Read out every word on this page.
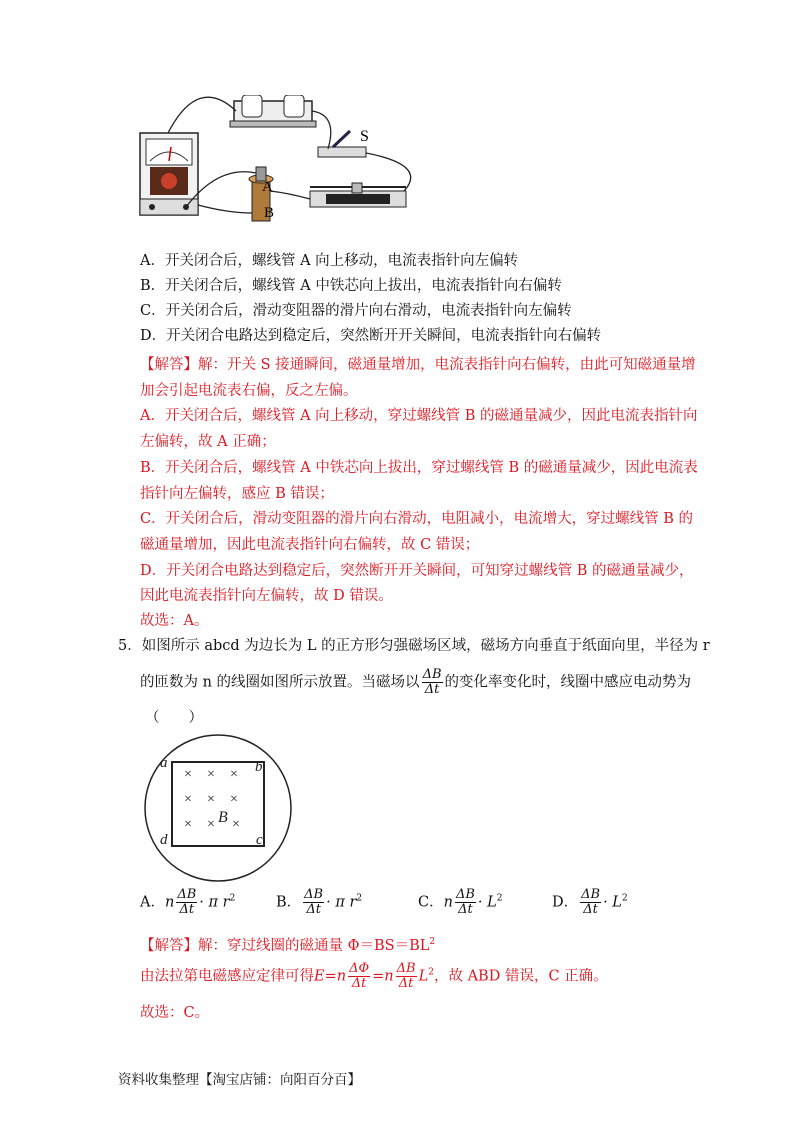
S
A
B
A．开关闭合后，螺线管 A 向上移动，电流表指针向左偏转
B．开关闭合后，螺线管 A 中铁芯向上拔出，电流表指针向右偏转
C．开关闭合后，滑动变阻器的滑片向右滑动，电流表指针向左偏转
D．开关闭合电路达到稳定后，突然断开开关瞬间，电流表指针向右偏转
【解答】解：开关 S 接通瞬间，磁通量增加，电流表指针向右偏转，由此可知磁通量增
加会引起电流表右偏，反之左偏。
A．开关闭合后，螺线管 A 向上移动，穿过螺线管 B 的磁通量减少，因此电流表指针向
左偏转，故 A 正确；
B．开关闭合后，螺线管 A 中铁芯向上拔出，穿过螺线管 B 的磁通量减少，因此电流表
指针向左偏转，感应 B 错误；
C．开关闭合后，滑动变阻器的滑片向右滑动，电阻减小，电流增大，穿过螺线管 B 的
磁通量增加，因此电流表指针向右偏转，故 C 错误；
D．开关闭合电路达到稳定后，突然断开开关瞬间，可知穿过螺线管 B 的磁通量减少，
因此电流表指针向左偏转，故 D 错误。
故选：A。
5．如图所示 abcd 为边长为 L 的正方形匀强磁场区域，磁场方向垂直于纸面向里，半径为 r
的匝数为 n 的线圈如图所示放置。当磁场以 $\frac{\Delta B}{\Delta t}$ 的变化率变化时，线圈中感应电动势为
（　　）
× × ×
× × ×
× × ×
a	b
c
d
B
A．n $\frac{\Delta B}{\Delta t} \cdot \pi$ $r^2$	B． $\frac{\Delta B}{\Delta t} \cdot \pi$ $r^2$	C．n $\frac{\Delta B}{\Delta t} \cdot L^2$	D． $\frac{\Delta B}{\Delta t} \cdot L^2$
【解答】解：穿过线圈的磁通量 $\Phi=BS=BL^2$
由法拉第电磁感应定律可得$E=n \frac{\Delta\Phi}{\Delta t} =n \frac{\Delta B}{\Delta t} L^2$，故 ABD 错误，C 正确。
故选：C。
资料收集整理【淘宝店铺：向阳百分百】
